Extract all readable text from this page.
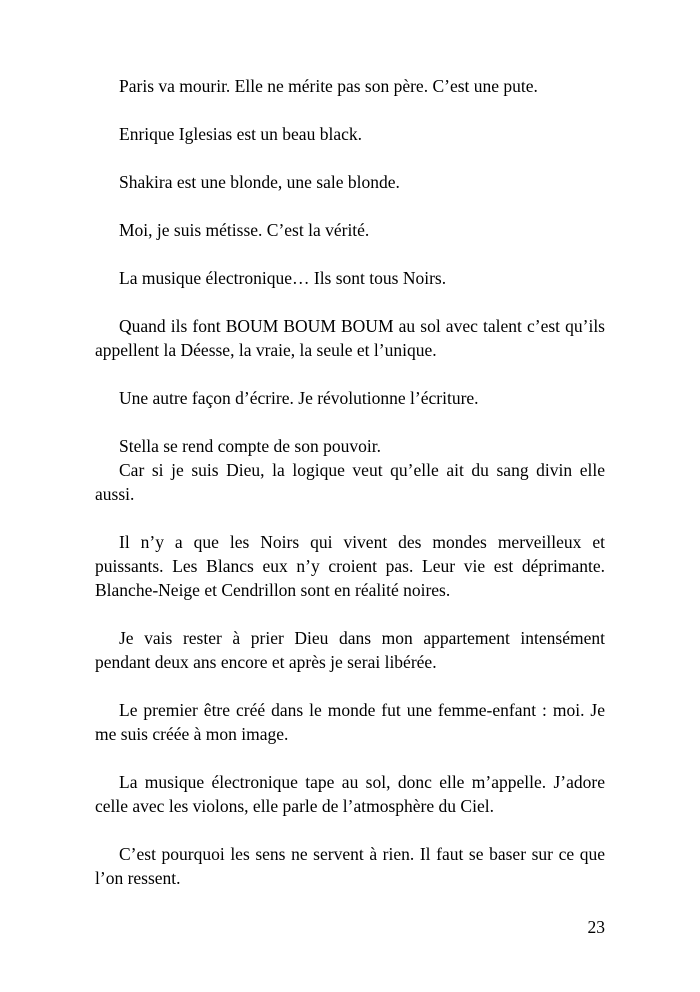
Paris va mourir. Elle ne mérite pas son père. C’est une pute.

Enrique Iglesias est un beau black.

Shakira est une blonde, une sale blonde.

Moi, je suis métisse. C’est la vérité.

La musique électronique… Ils sont tous Noirs.

Quand ils font BOUM BOUM BOUM au sol avec talent c’est qu’ils appellent la Déesse, la vraie, la seule et l’unique.

Une autre façon d’écrire. Je révolutionne l’écriture.

Stella se rend compte de son pouvoir.

Car si je suis Dieu, la logique veut qu’elle ait du sang divin elle aussi.

Il n’y a que les Noirs qui vivent des mondes merveilleux et puissants. Les Blancs eux n’y croient pas. Leur vie est déprimante. Blanche-Neige et Cendrillon sont en réalité noires.

Je vais rester à prier Dieu dans mon appartement intensément pendant deux ans encore et après je serai libérée.

Le premier être créé dans le monde fut une femme-enfant : moi. Je me suis créée à mon image.

La musique électronique tape au sol, donc elle m’appelle. J’adore celle avec les violons, elle parle de l’atmosphère du Ciel.

C’est pourquoi les sens ne servent à rien. Il faut se baser sur ce que l’on ressent.

23
